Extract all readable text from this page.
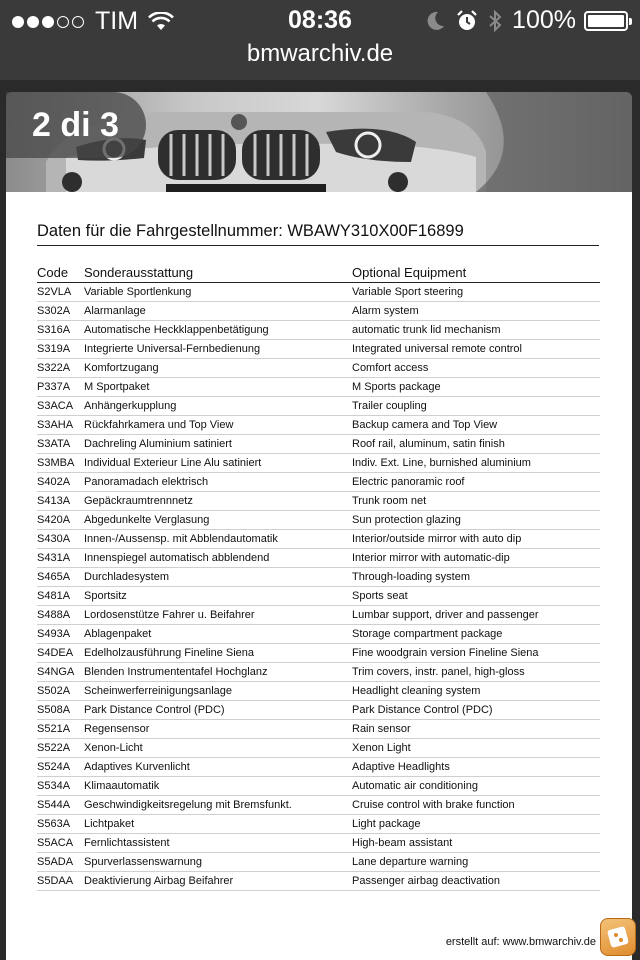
TIM	08:36	100%
bmwarchiv.de
2 di 3
Daten für die Fahrgestellnummer: WBAWY310X00F16899
Code	Sonderausstattung	Optional Equipment
S2VLA	Variable Sportlenkung	Variable Sport steering
S302A	Alarmanlage	Alarm system
S316A	Automatische Heckklappenbetätigung	automatic trunk lid mechanism
S319A	Integrierte Universal-Fernbedienung	Integrated universal remote control
S322A	Komfortzugang	Comfort access
P337A	M Sportpaket	M Sports package
S3ACA	Anhängerkupplung	Trailer coupling
S3AHA	Rückfahrkamera und Top View	Backup camera and Top View
S3ATA	Dachreling Aluminium satiniert	Roof rail, aluminum, satin finish
S3MBA	Individual Exterieur Line Alu satiniert	Indiv. Ext. Line, burnished aluminium
S402A	Panoramadach elektrisch	Electric panoramic roof
S413A	Gepäckraumtrennnetz	Trunk room net
S420A	Abgedunkelte Verglasung	Sun protection glazing
S430A	Innen-/Aussensp. mit Abblendautomatik	Interior/outside mirror with auto dip
S431A	Innenspiegel automatisch abblendend	Interior mirror with automatic-dip
S465A	Durchladesystem	Through-loading system
S481A	Sportsitz	Sports seat
S488A	Lordosenstütze Fahrer u. Beifahrer	Lumbar support, driver and passenger
S493A	Ablagenpaket	Storage compartment package
S4DEA	Edelholzausführung Fineline Siena	Fine woodgrain version Fineline Siena
S4NGA	Blenden Instrumententafel Hochglanz	Trim covers, instr. panel, high-gloss
S502A	Scheinwerferreinigungsanlage	Headlight cleaning system
S508A	Park Distance Control (PDC)	Park Distance Control (PDC)
S521A	Regensensor	Rain sensor
S522A	Xenon-Licht	Xenon Light
S524A	Adaptives Kurvenlicht	Adaptive Headlights
S534A	Klimaautomatik	Automatic air conditioning
S544A	Geschwindigkeitsregelung mit Bremsfunkt.	Cruise control with brake function
S563A	Lichtpaket	Light package
S5ACA	Fernlichtassistent	High-beam assistant
S5ADA	Spurverlassenswarnung	Lane departure warning
S5DAA	Deaktivierung Airbag Beifahrer	Passenger airbag deactivation
erstellt auf: www.bmwarchiv.de
